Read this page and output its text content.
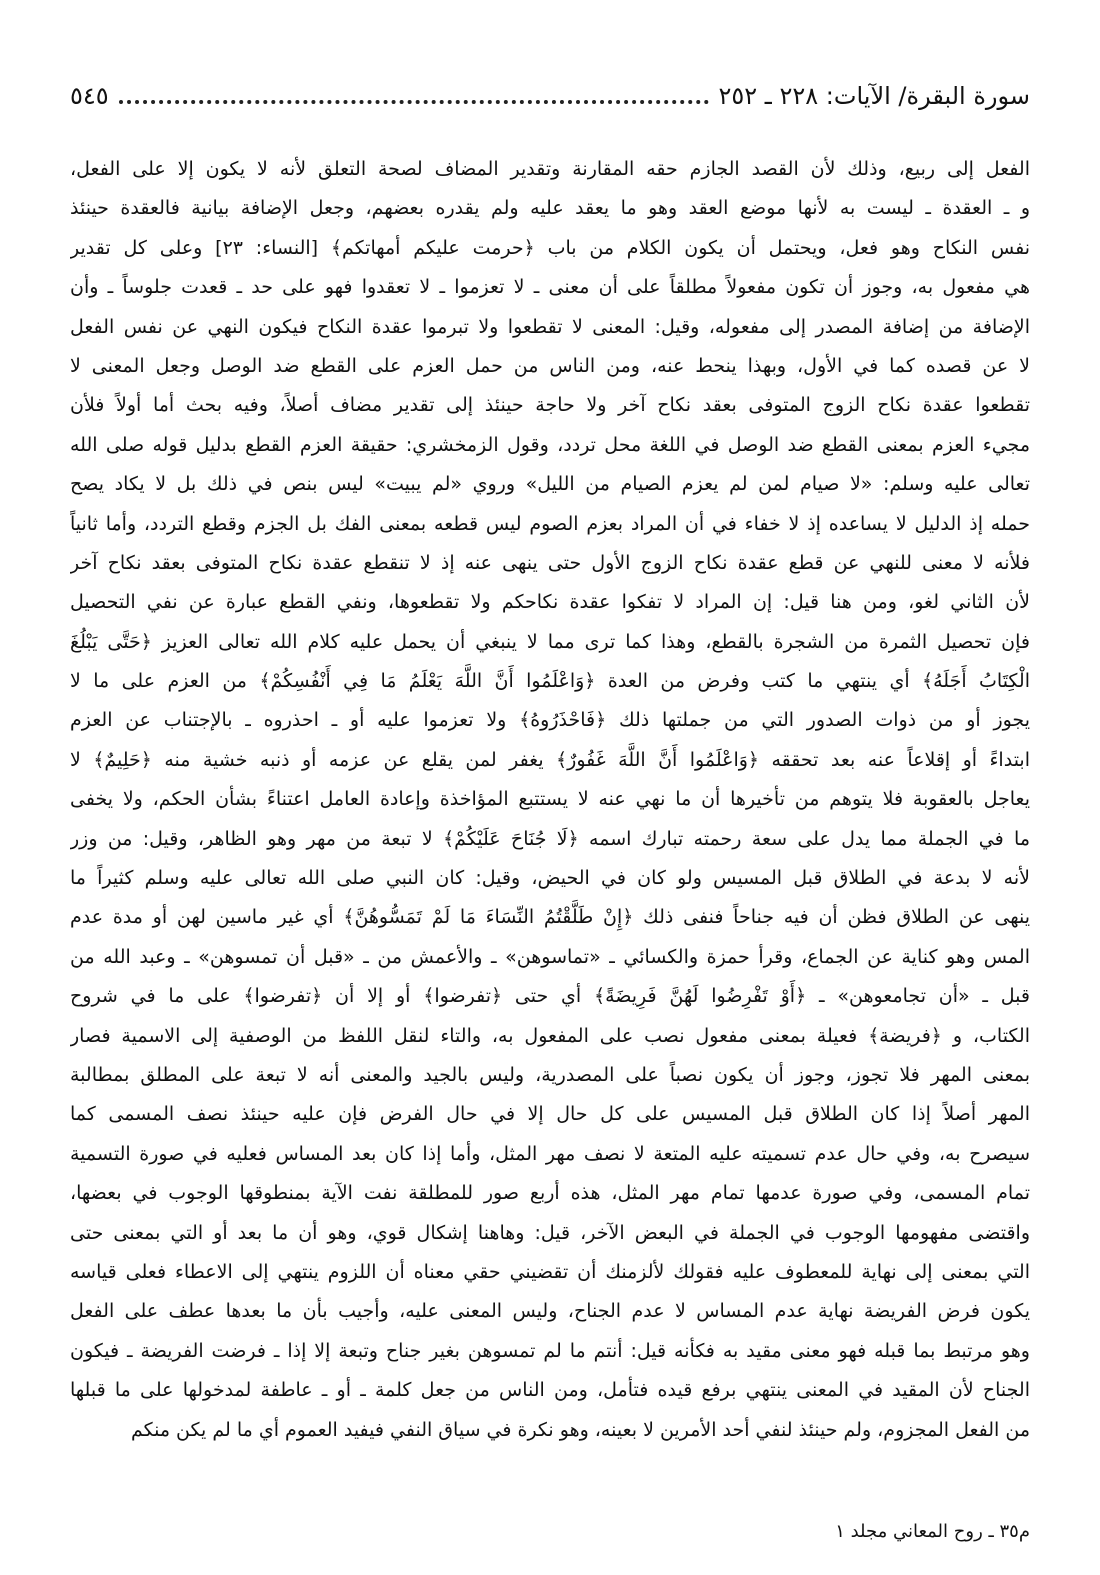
سورة البقرة/ الآيات: ٢٢٨ ـ ٢٥٢
٥٤٥
الفعل إلى ربيع، وذلك لأن القصد الجازم حقه المقارنة وتقدير المضاف لصحة التعلق لأنه لا يكون إلا على الفعل،
و ـ العقدة ـ ليست به لأنها موضع العقد وهو ما يعقد عليه ولم يقدره بعضهم، وجعل الإضافة بيانية فالعقدة حينئذ
نفس النكاح وهو فعل، ويحتمل أن يكون الكلام من باب ﴿حرمت عليكم أمهاتكم﴾ [النساء: ٢٣] وعلى كل تقدير
هي مفعول به، وجوز أن تكون مفعولاً مطلقاً على أن معنى ـ لا تعزموا ـ لا تعقدوا فهو على حد ـ قعدت جلوساً ـ وأن
الإضافة من إضافة المصدر إلى مفعوله، وقيل: المعنى لا تقطعوا ولا تبرموا عقدة النكاح فيكون النهي عن نفس الفعل
لا عن قصده كما في الأول، وبهذا ينحط عنه، ومن الناس من حمل العزم على القطع ضد الوصل وجعل المعنى لا
تقطعوا عقدة نكاح الزوج المتوفى بعقد نكاح آخر ولا حاجة حينئذ إلى تقدير مضاف أصلاً، وفيه بحث أما أولاً فلأن
مجيء العزم بمعنى القطع ضد الوصل في اللغة محل تردد، وقول الزمخشري: حقيقة العزم القطع بدليل قوله صلى الله
تعالى عليه وسلم: «لا صيام لمن لم يعزم الصيام من الليل» وروي «لم يبيت» ليس بنص في ذلك بل لا يكاد يصح
حمله إذ الدليل لا يساعده إذ لا خفاء في أن المراد بعزم الصوم ليس قطعه بمعنى الفك بل الجزم وقطع التردد، وأما ثانياً
فلأنه لا معنى للنهي عن قطع عقدة نكاح الزوج الأول حتى ينهى عنه إذ لا تنقطع عقدة نكاح المتوفى بعقد نكاح آخر
لأن الثاني لغو، ومن هنا قيل: إن المراد لا تفكوا عقدة نكاحكم ولا تقطعوها، ونفي القطع عبارة عن نفي التحصيل
فإن تحصيل الثمرة من الشجرة بالقطع، وهذا كما ترى مما لا ينبغي أن يحمل عليه كلام الله تعالى العزيز ﴿حَتَّى يَبْلُغَ
الْكِتَابُ أَجَلَهُ﴾ أي ينتهي ما كتب وفرض من العدة ﴿وَاعْلَمُوا أَنَّ اللَّهَ يَعْلَمُ مَا فِي أَنْفُسِكُمْ﴾ من العزم على ما لا
يجوز أو من ذوات الصدور التي من جملتها ذلك ﴿فَاحْذَرُوهُ﴾ ولا تعزموا عليه أو ـ احذروه ـ بالإجتناب عن العزم
ابتداءً أو إقلاعاً عنه بعد تحققه ﴿وَاعْلَمُوا أَنَّ اللَّهَ غَفُورٌ﴾ يغفر لمن يقلع عن عزمه أو ذنبه خشية منه ﴿حَلِيمٌ﴾ لا
يعاجل بالعقوبة فلا يتوهم من تأخيرها أن ما نهي عنه لا يستتبع المؤاخذة وإعادة العامل اعتناءً بشأن الحكم، ولا يخفى
ما في الجملة مما يدل على سعة رحمته تبارك اسمه ﴿لَا جُنَاحَ عَلَيْكُمْ﴾ لا تبعة من مهر وهو الظاهر، وقيل: من وزر
لأنه لا بدعة في الطلاق قبل المسيس ولو كان في الحيض، وقيل: كان النبي صلى الله تعالى عليه وسلم كثيراً ما
ينهى عن الطلاق فظن أن فيه جناحاً فنفى ذلك ﴿إِنْ طَلَّقْتُمُ النِّسَاءَ مَا لَمْ تَمَسُّوهُنَّ﴾ أي غير ماسين لهن أو مدة عدم
المس وهو كناية عن الجماع، وقرأ حمزة والكسائي ـ «تماسوهن» ـ والأعمش من ـ «قبل أن تمسوهن» ـ وعبد الله من
قبل ـ «أن تجامعوهن» ـ ﴿أَوْ تَفْرِضُوا لَهُنَّ فَرِيضَةً﴾ أي حتى ﴿تفرضوا﴾ أو إلا أن ﴿تفرضوا﴾ على ما في شروح
الكتاب، و ﴿فريضة﴾ فعيلة بمعنى مفعول نصب على المفعول به، والتاء لنقل اللفظ من الوصفية إلى الاسمية فصار
بمعنى المهر فلا تجوز، وجوز أن يكون نصباً على المصدرية، وليس بالجيد والمعنى أنه لا تبعة على المطلق بمطالبة
المهر أصلاً إذا كان الطلاق قبل المسيس على كل حال إلا في حال الفرض فإن عليه حينئذ نصف المسمى كما
سيصرح به، وفي حال عدم تسميته عليه المتعة لا نصف مهر المثل، وأما إذا كان بعد المساس فعليه في صورة التسمية
تمام المسمى، وفي صورة عدمها تمام مهر المثل، هذه أربع صور للمطلقة نفت الآية بمنطوقها الوجوب في بعضها،
واقتضى مفهومها الوجوب في الجملة في البعض الآخر، قيل: وهاهنا إشكال قوي، وهو أن ما بعد أو التي بمعنى حتى
التي بمعنى إلى نهاية للمعطوف عليه فقولك لألزمنك أن تقضيني حقي معناه أن اللزوم ينتهي إلى الاعطاء فعلى قياسه
يكون فرض الفريضة نهاية عدم المساس لا عدم الجناح، وليس المعنى عليه، وأجيب بأن ما بعدها عطف على الفعل
وهو مرتبط بما قبله فهو معنى مقيد به فكأنه قيل: أنتم ما لم تمسوهن بغير جناح وتبعة إلا إذا ـ فرضت الفريضة ـ فيكون
الجناح لأن المقيد في المعنى ينتهي برفع قيده فتأمل، ومن الناس من جعل كلمة ـ أو ـ عاطفة لمدخولها على ما قبلها
من الفعل المجزوم، ولم حينئذ لنفي أحد الأمرين لا بعينه، وهو نكرة في سياق النفي فيفيد العموم أي ما لم يكن منكم
م٣٥ ـ روح المعاني مجلد ١
